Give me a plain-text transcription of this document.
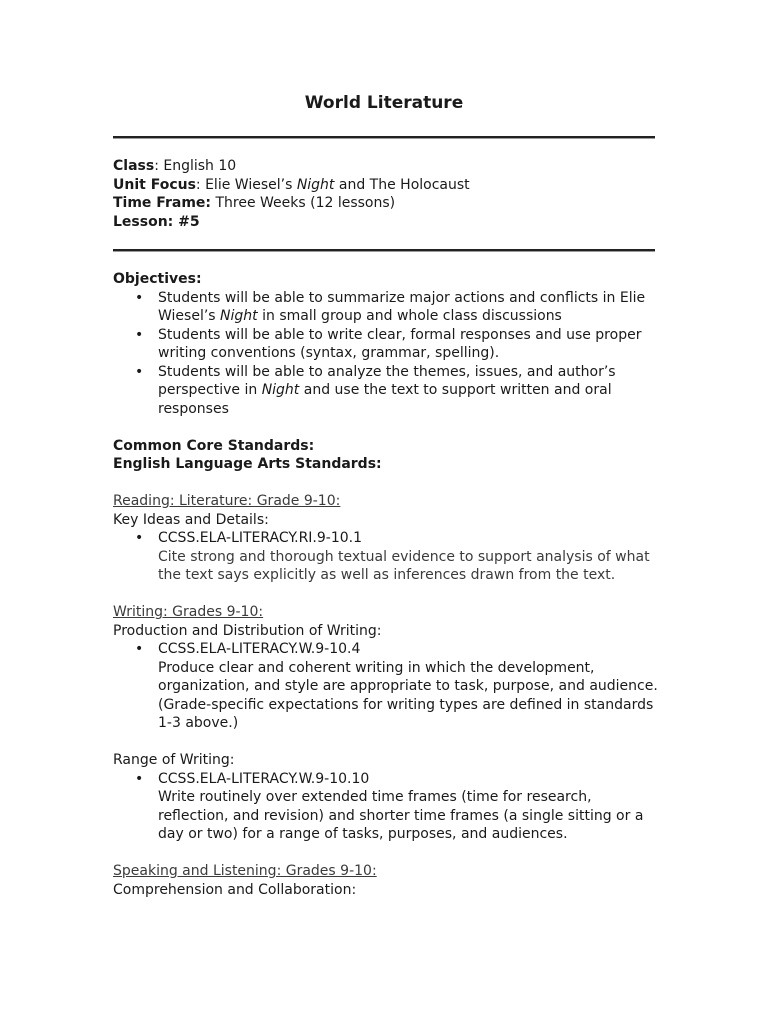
World Literature

Class: English 10

Unit Focus: Elie Wiesel’s Night and The Holocaust

Time Frame: Three Weeks (12 lessons)

Lesson: #5

Objectives:

• Students will be able to summarize major actions and conflicts in Elie Wiesel’s Night in small group and whole class discussions
• Students will be able to write clear, formal responses and use proper writing conventions (syntax, grammar, spelling).
• Students will be able to analyze the themes, issues, and author’s perspective in Night and use the text to support written and oral responses

Common Core Standards:

English Language Arts Standards:

Reading: Literature: Grade 9-10:

Key Ideas and Details:

• CCSS.ELA-LITERACY.RI.9-10.1
Cite strong and thorough textual evidence to support analysis of what the text says explicitly as well as inferences drawn from the text.

Writing: Grades 9-10:

Production and Distribution of Writing:

• CCSS.ELA-LITERACY.W.9-10.4
Produce clear and coherent writing in which the development, organization, and style are appropriate to task, purpose, and audience. (Grade-specific expectations for writing types are defined in standards 1-3 above.)

Range of Writing:

• CCSS.ELA-LITERACY.W.9-10.10
Write routinely over extended time frames (time for research, reflection, and revision) and shorter time frames (a single sitting or a day or two) for a range of tasks, purposes, and audiences.

Speaking and Listening: Grades 9-10:

Comprehension and Collaboration:
